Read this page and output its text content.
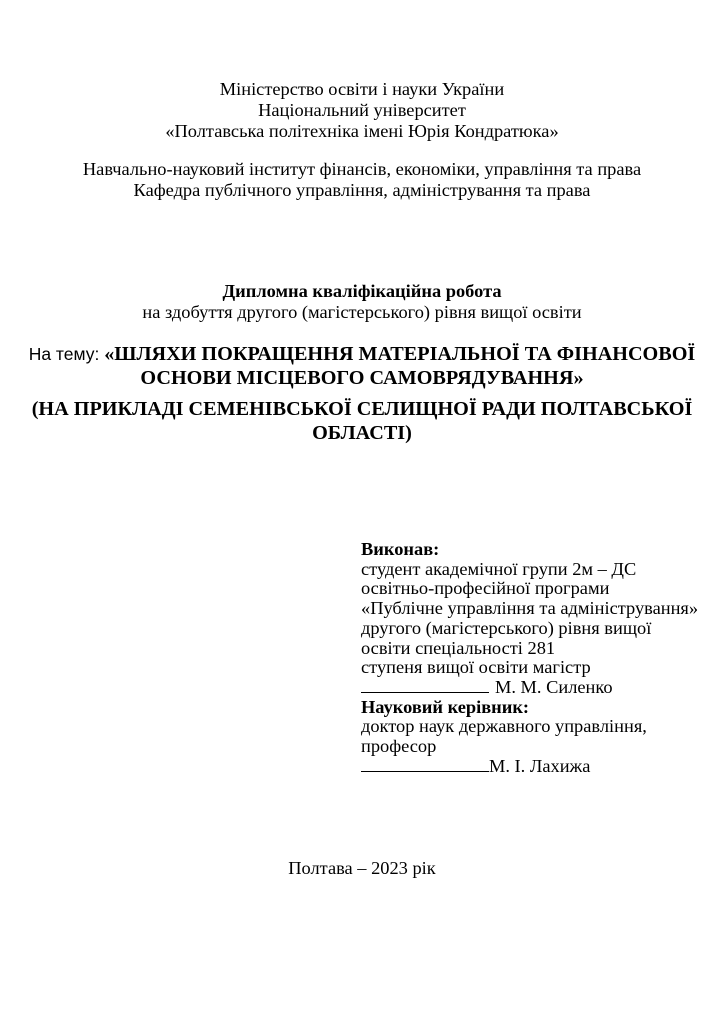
Міністерство освіти і науки України
Національний університет
«Полтавська політехніка імені Юрія Кондратюка»
Навчально-науковий інститут фінансів, економіки, управління та права
Кафедра публічного управління, адміністрування та права
Дипломна кваліфікаційна робота
на здобуття другого (магістерського) рівня вищої освіти
На тему: «ШЛЯХИ ПОКРАЩЕННЯ МАТЕРІАЛЬНОЇ ТА ФІНАНСОВОЇ
ОСНОВИ МІСЦЕВОГО САМОВРЯДУВАННЯ»
(НА ПРИКЛАДІ СЕМЕНІВСЬКОЇ СЕЛИЩНОЇ РАДИ ПОЛТАВСЬКОЇ
ОБЛАСТІ)
Виконав:
студент академічної групи 2м – ДС
освітньо-професійної програми
«Публічне управління та адміністрування»
другого (магістерського) рівня вищої
освіти спеціальності 281
ступеня вищої освіти магістр
М. М. Силенко
Науковий керівник:
доктор наук державного управління,
професор
М. І. Лахижа
Полтава – 2023 рік
